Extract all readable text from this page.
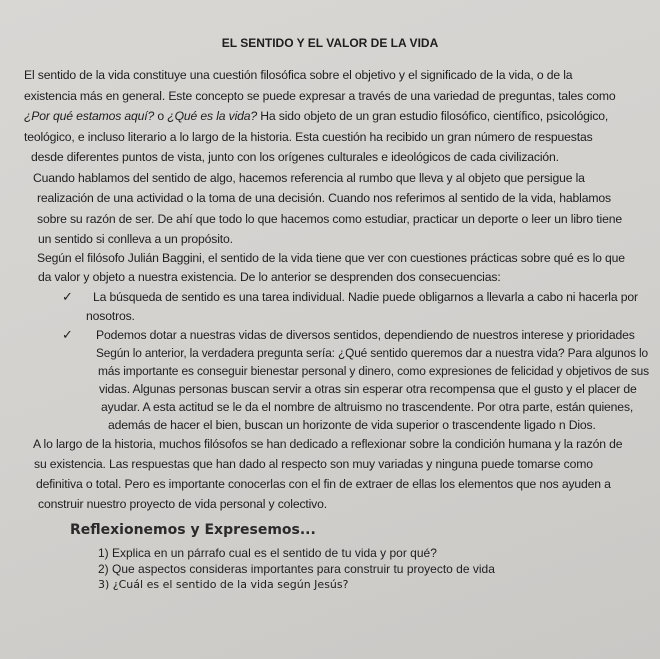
EL SENTIDO Y EL VALOR DE LA VIDA
El sentido de la vida constituye una cuestión filosófica sobre el objetivo y el significado de la vida, o de la
existencia más en general. Este concepto se puede expresar a través de una variedad de preguntas, tales como
¿Por qué estamos aquí? o ¿Qué es la vida? Ha sido objeto de un gran estudio filosófico, científico, psicológico,
teológico, e incluso literario a lo largo de la historia. Esta cuestión ha recibido un gran número de respuestas
desde diferentes puntos de vista, junto con los orígenes culturales e ideológicos de cada civilización.
Cuando hablamos del sentido de algo, hacemos referencia al rumbo que lleva y al objeto que persigue la
realización de una actividad o la toma de una decisión. Cuando nos referimos al sentido de la vida, hablamos
sobre su razón de ser. De ahí que todo lo que hacemos como estudiar, practicar un deporte o leer un libro tiene
un sentido si conlleva a un propósito.
Según el filósofo Julián Baggini, el sentido de la vida tiene que ver con cuestiones prácticas sobre qué es lo que
da valor y objeto a nuestra existencia. De lo anterior se desprenden dos consecuencias:
La búsqueda de sentido es una tarea individual. Nadie puede obligarnos a llevarla a cabo ni hacerla por
nosotros.
Podemos dotar a nuestras vidas de diversos sentidos, dependiendo de nuestros interese y prioridades
Según lo anterior, la verdadera pregunta sería: ¿Qué sentido queremos dar a nuestra vida? Para algunos lo
más importante es conseguir bienestar personal y dinero, como expresiones de felicidad y objetivos de sus
vidas. Algunas personas buscan servir a otras sin esperar otra recompensa que el gusto y el placer de
ayudar. A esta actitud se le da el nombre de altruismo no trascendente. Por otra parte, están quienes,
además de hacer el bien, buscan un horizonte de vida superior o trascendente ligado n Dios.
A lo largo de la historia, muchos filósofos se han dedicado a reflexionar sobre la condición humana y la razón de
su existencia. Las respuestas que han dado al respecto son muy variadas y ninguna puede tomarse como
definitiva o total. Pero es importante conocerlas con el fin de extraer de ellas los elementos que nos ayuden a
construir nuestro proyecto de vida personal y colectivo.
✓
✓
Reflexionemos y Expresemos...
1) Explica en un párrafo cual es el sentido de tu vida y por qué?
2) Que aspectos consideras importantes para construir tu proyecto de vida
3) ¿Cuál es el sentido de la vida según Jesús?
